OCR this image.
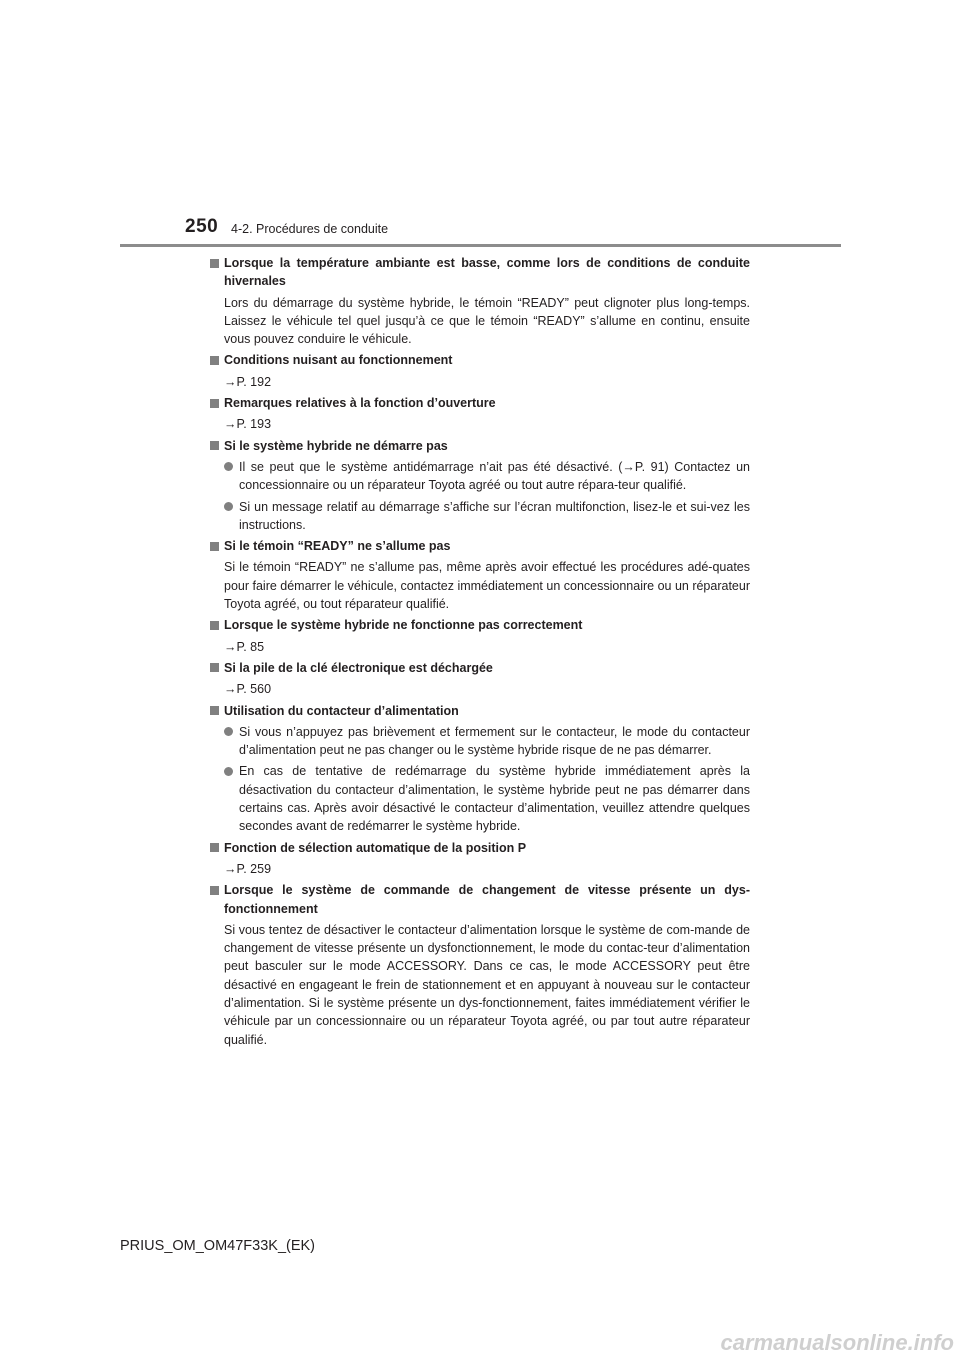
250 4-2. Procédures de conduite
Lorsque la température ambiante est basse, comme lors de conditions de conduite hivernales
Lors du démarrage du système hybride, le témoin “READY” peut clignoter plus long-temps. Laissez le véhicule tel quel jusqu’à ce que le témoin “READY” s’allume en continu, ensuite vous pouvez conduire le véhicule.
Conditions nuisant au fonctionnement
→P. 192
Remarques relatives à la fonction d’ouverture
→P. 193
Si le système hybride ne démarre pas
Il se peut que le système antidémarrage n’ait pas été désactivé. (→P. 91) Contactez un concessionnaire ou un réparateur Toyota agréé ou tout autre répara-teur qualifié.
Si un message relatif au démarrage s’affiche sur l’écran multifonction, lisez-le et sui-vez les instructions.
Si le témoin “READY” ne s’allume pas
Si le témoin “READY” ne s’allume pas, même après avoir effectué les procédures adé-quates pour faire démarrer le véhicule, contactez immédiatement un concessionnaire ou un réparateur Toyota agréé, ou tout réparateur qualifié.
Lorsque le système hybride ne fonctionne pas correctement
→P. 85
Si la pile de la clé électronique est déchargée
→P. 560
Utilisation du contacteur d’alimentation
Si vous n’appuyez pas brièvement et fermement sur le contacteur, le mode du contacteur d’alimentation peut ne pas changer ou le système hybride risque de ne pas démarrer.
En cas de tentative de redémarrage du système hybride immédiatement après la désactivation du contacteur d’alimentation, le système hybride peut ne pas démarrer dans certains cas. Après avoir désactivé le contacteur d’alimentation, veuillez attendre quelques secondes avant de redémarrer le système hybride.
Fonction de sélection automatique de la position P
→P. 259
Lorsque le système de commande de changement de vitesse présente un dys-fonctionnement
Si vous tentez de désactiver le contacteur d’alimentation lorsque le système de com-mande de changement de vitesse présente un dysfonctionnement, le mode du contac-teur d’alimentation peut basculer sur le mode ACCESSORY. Dans ce cas, le mode ACCESSORY peut être désactivé en engageant le frein de stationnement et en appuyant à nouveau sur le contacteur d’alimentation. Si le système présente un dys-fonctionnement, faites immédiatement vérifier le véhicule par un concessionnaire ou un réparateur Toyota agréé, ou par tout autre réparateur qualifié.
PRIUS_OM_OM47F33K_(EK)
carmanualsonline.info
